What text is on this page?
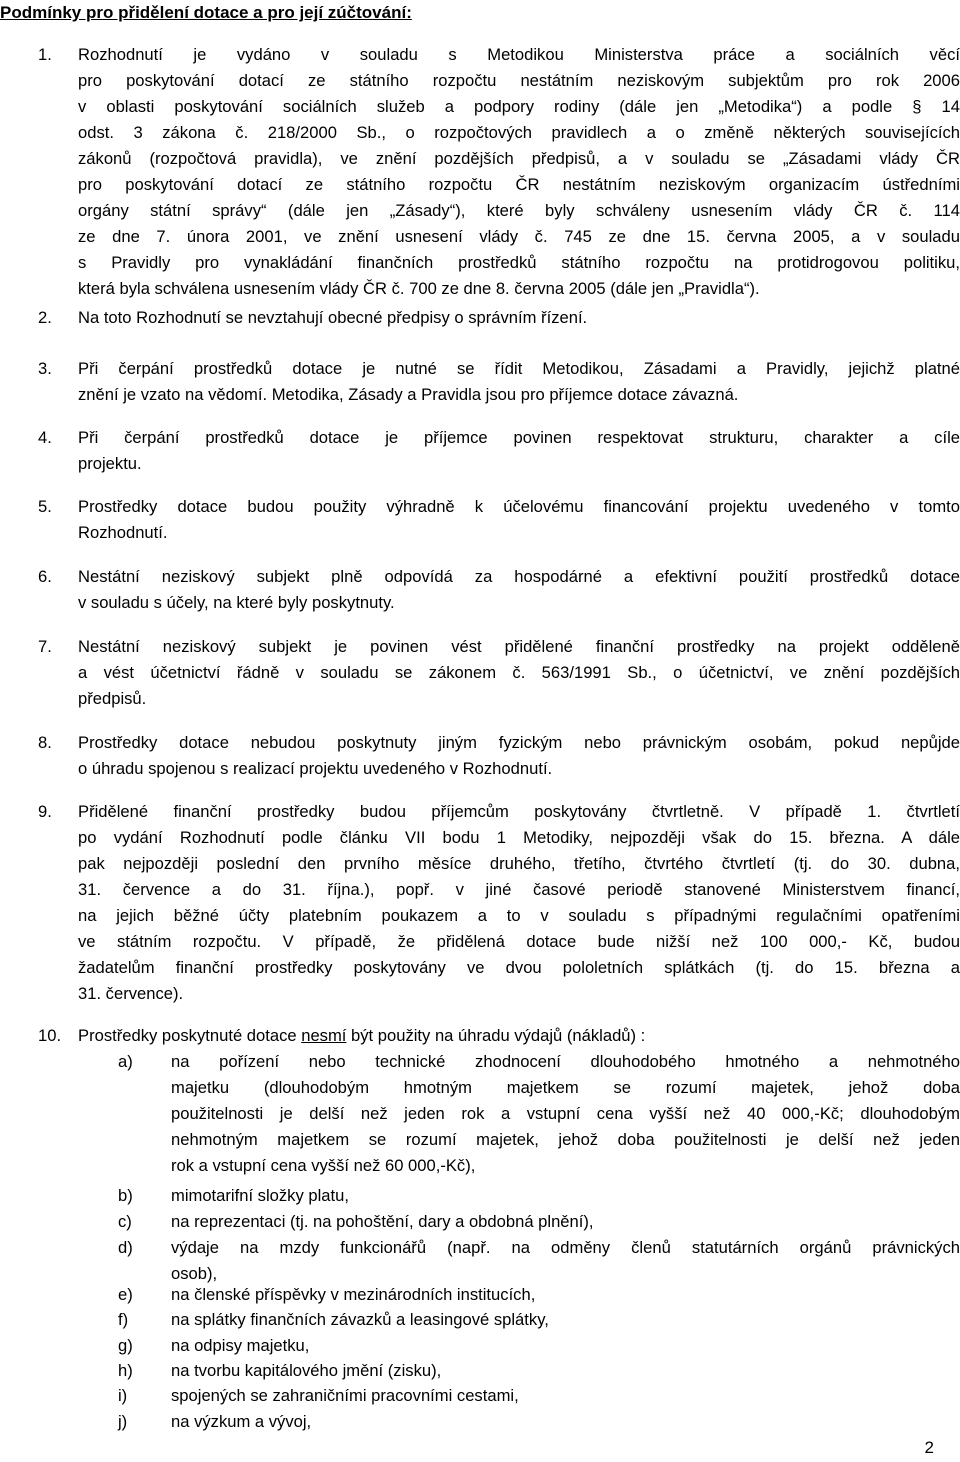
Podmínky pro přidělení dotace a pro její zúčtování:
1. Rozhodnutí je vydáno v souladu s Metodikou Ministerstva práce a sociálních věcí
pro poskytování dotací ze státního rozpočtu nestátním neziskovým subjektům pro rok 2006
v oblasti poskytování sociálních služeb a podpory rodiny (dále jen „Metodika“) a podle § 14
odst. 3 zákona č. 218/2000 Sb., o rozpočtových pravidlech a o změně některých souvisejících
zákonů (rozpočtová pravidla), ve znění pozdějších předpisů, a v souladu se „Zásadami vlády ČR
pro poskytování dotací ze státního rozpočtu ČR nestátním neziskovým organizacím ústředními
orgány státní správy“ (dále jen „Zásady“), které byly schváleny usnesením vlády ČR č. 114
ze dne 7. února 2001, ve znění usnesení vlády č. 745 ze dne 15. června 2005, a v souladu
s Pravidly pro vynakládání finančních prostředků státního rozpočtu na protidrogovou politiku,
která byla schválena usnesením vlády ČR č. 700 ze dne 8. června 2005 (dále jen „Pravidla“).
2. Na toto Rozhodnutí se nevztahují obecné předpisy o správním řízení.
3. Při čerpání prostředků dotace je nutné se řídit Metodikou, Zásadami a Pravidly, jejichž platné
znění je vzato na vědomí. Metodika, Zásady a Pravidla jsou pro příjemce dotace závazná.
4. Při čerpání prostředků dotace je příjemce povinen respektovat strukturu, charakter a cíle
projektu.
5. Prostředky dotace budou použity výhradně k účelovému financování projektu uvedeného v tomto
Rozhodnutí.
6. Nestátní neziskový subjekt plně odpovídá za hospodárné a efektivní použití prostředků dotace
v souladu s účely, na které byly poskytnuty.
7. Nestátní neziskový subjekt je povinen vést přidělené finanční prostředky na projekt odděleně
a vést účetnictví řádně v souladu se zákonem č. 563/1991 Sb., o účetnictví, ve znění pozdějších
předpisů.
8. Prostředky dotace nebudou poskytnuty jiným fyzickým nebo právnickým osobám, pokud nepůjde
o úhradu spojenou s realizací projektu uvedeného v Rozhodnutí.
9. Přidělené finanční prostředky budou příjemcům poskytovány čtvrtletně. V případě 1. čtvrtletí
po vydání Rozhodnutí podle článku VII bodu 1 Metodiky, nejpozději však do 15. března. A dále
pak nejpozději poslední den prvního měsíce druhého, třetího, čtvrtého čtvrtletí (tj. do 30. dubna,
31. července a do 31. října.), popř. v jiné časové periodě stanovené Ministerstvem financí,
na jejich běžné účty platebním poukazem a to v souladu s případnými regulačními opatřeními
ve státním rozpočtu. V případě, že přidělená dotace bude nižší než 100 000,- Kč, budou
žadatelům finanční prostředky poskytovány ve dvou pololetních splátkách (tj. do 15. března a
31. července).
10. Prostředky poskytnuté dotace nesmí být použity na úhradu výdajů (nákladů) :
a) na pořízení nebo technické zhodnocení dlouhodobého hmotného a nehmotného
majetku (dlouhodobým hmotným majetkem se rozumí majetek, jehož doba
použitelnosti je delší než jeden rok a vstupní cena vyšší než 40 000,-Kč; dlouhodobým
nehmotným majetkem se rozumí majetek, jehož doba použitelnosti je delší než jeden
rok a vstupní cena vyšší než 60 000,-Kč),
b) mimotarifní složky platu,
c) na reprezentaci (tj. na pohoštění, dary a obdobná plnění),
d) výdaje na mzdy funkcionářů (např. na odměny členů statutárních orgánů právnických
osob),
e) na členské příspěvky v mezinárodních institucích,
f)	na splátky finančních závazků a leasingové splátky,
g) na odpisy majetku,
h) na tvorbu kapitálového jmění (zisku),
i)	spojených se zahraničními pracovními cestami,
j)	na výzkum a vývoj,
2
